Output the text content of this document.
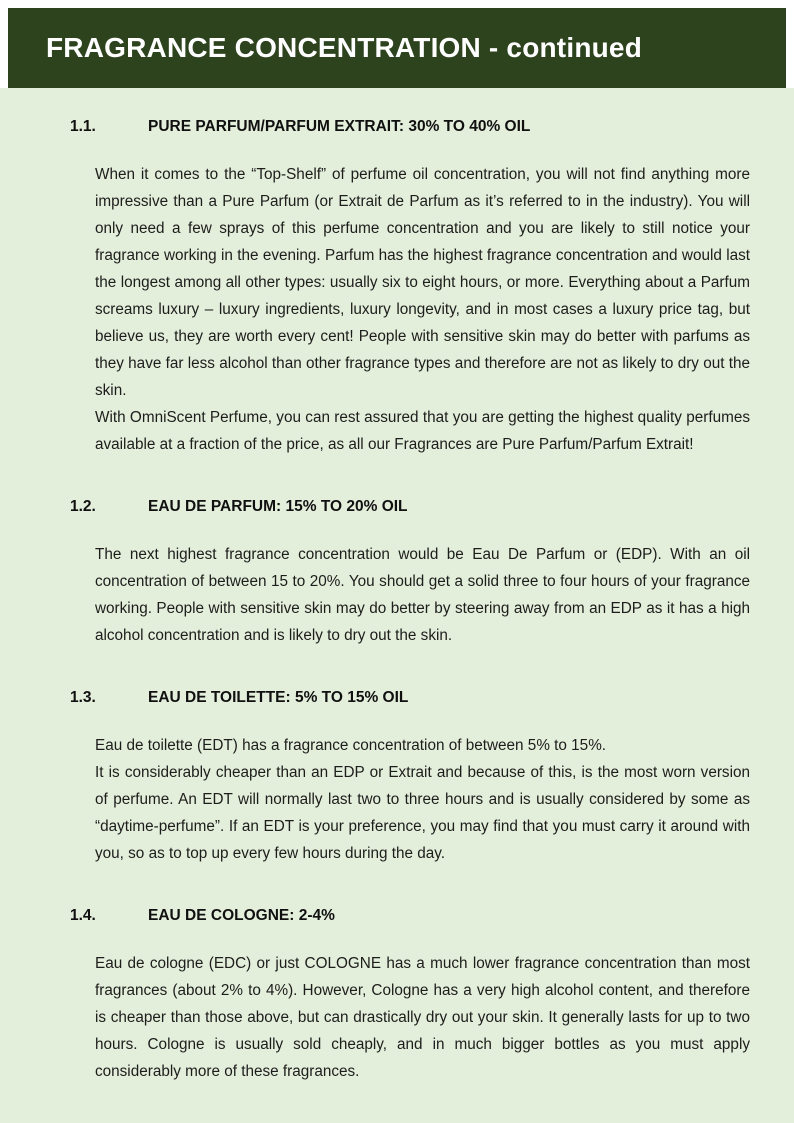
FRAGRANCE CONCENTRATION - continued
1.1.	PURE PARFUM/PARFUM EXTRAIT: 30% TO 40% OIL

When it comes to the “Top-Shelf” of perfume oil concentration, you will not find anything more impressive than a Pure Parfum (or Extrait de Parfum as it’s referred to in the industry). You will only need a few sprays of this perfume concentration and you are likely to still notice your fragrance working in the evening. Parfum has the highest fragrance concentration and would last the longest among all other types: usually six to eight hours, or more. Everything about a Parfum screams luxury – luxury ingredients, luxury longevity, and in most cases a luxury price tag, but believe us, they are worth every cent! People with sensitive skin may do better with parfums as they have far less alcohol than other fragrance types and therefore are not as likely to dry out the skin.

With OmniScent Perfume, you can rest assured that you are getting the highest quality perfumes available at a fraction of the price, as all our Fragrances are Pure Parfum/Parfum Extrait!

1.2.	EAU DE PARFUM: 15% TO 20% OIL

The next highest fragrance concentration would be Eau De Parfum or (EDP). With an oil concentration of between 15 to 20%. You should get a solid three to four hours of your fragrance working. People with sensitive skin may do better by steering away from an EDP as it has a high alcohol concentration and is likely to dry out the skin.

1.3.	EAU DE TOILETTE: 5% TO 15% OIL

Eau de toilette (EDT) has a fragrance concentration of between 5% to 15%.

It is considerably cheaper than an EDP or Extrait and because of this, is the most worn version of perfume. An EDT will normally last two to three hours and is usually considered by some as “daytime-perfume”. If an EDT is your preference, you may find that you must carry it around with you, so as to top up every few hours during the day.

1.4.	EAU DE COLOGNE: 2-4%

Eau de cologne (EDC) or just COLOGNE has a much lower fragrance concentration than most fragrances (about 2% to 4%). However, Cologne has a very high alcohol content, and therefore is cheaper than those above, but can drastically dry out your skin. It generally lasts for up to two hours. Cologne is usually sold cheaply, and in much bigger bottles as you must apply considerably more of these fragrances.
